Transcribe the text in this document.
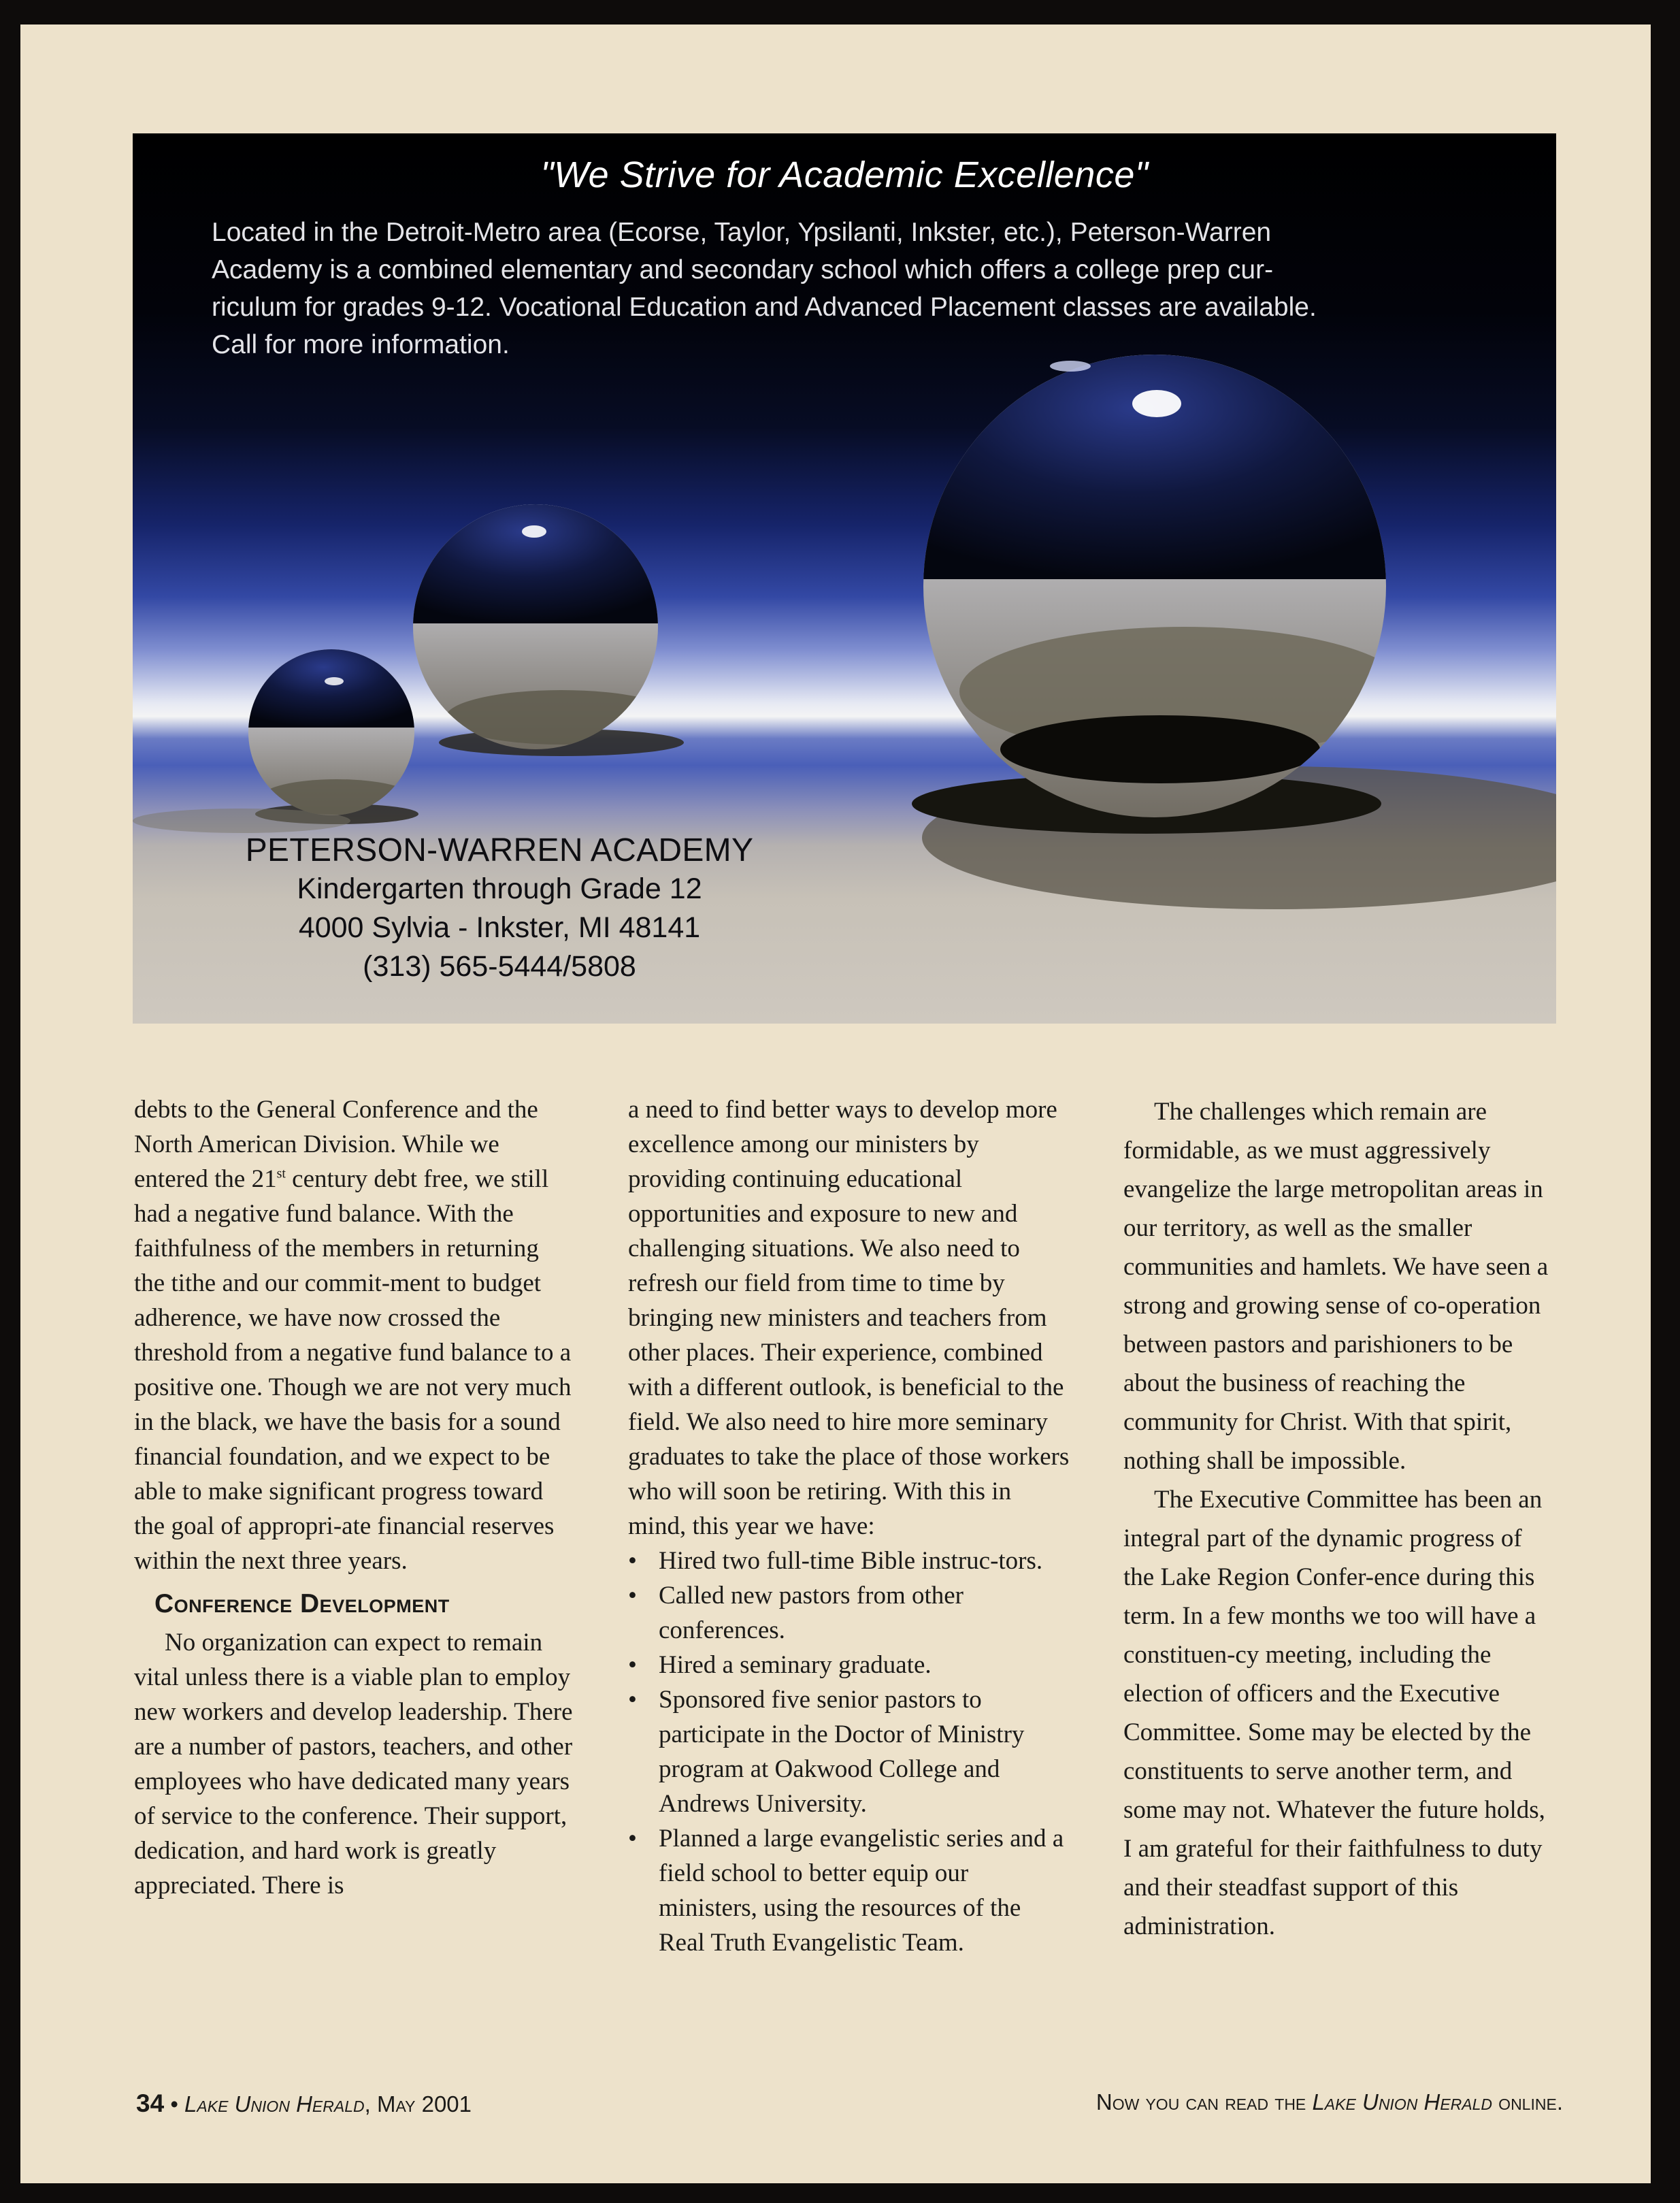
"We Strive for Academic Excellence"

Located in the Detroit-Metro area (Ecorse, Taylor, Ypsilanti, Inkster, etc.), Peterson-Warren
Academy is a combined elementary and secondary school which offers a college prep cur-
riculum for grades 9-12. Vocational Education and Advanced Placement classes are available.
Call for more information.
PETERSON-WARREN ACADEMY
Kindergarten through Grade 12
4000 Sylvia - Inkster, MI 48141
(313) 565-5444/5808

debts to the General Conference and the North American Division. While we entered the 21st century debt free, we still had a negative fund balance. With the faithfulness of the members in returning the tithe and our commit-ment to budget adherence, we have now crossed the threshold from a negative fund balance to a positive one. Though we are not very much in the black, we have the basis for a sound financial foundation, and we expect to be able to make significant progress toward the goal of appropri-ate financial reserves within the next three years.

Conference Development

No organization can expect to remain vital unless there is a viable plan to employ new workers and develop leadership. There are a number of pastors, teachers, and other employees who have dedicated many years of service to the conference. Their support, dedication, and hard work is greatly appreciated. There is

a need to find better ways to develop more excellence among our ministers by providing continuing educational opportunities and exposure to new and challenging situations. We also need to refresh our field from time to time by bringing new ministers and teachers from other places. Their experience, combined with a different outlook, is beneficial to the field. We also need to hire more seminary graduates to take the place of those workers who will soon be retiring. With this in mind, this year we have:

• Hired two full-time Bible instruc-tors.
• Called new pastors from other conferences.
• Hired a seminary graduate.
• Sponsored five senior pastors to participate in the Doctor of Ministry program at Oakwood College and Andrews University.
• Planned a large evangelistic series and a field school to better equip our ministers, using the resources of the Real Truth Evangelistic Team.

The challenges which remain are formidable, as we must aggressively evangelize the large metropolitan areas in our territory, as well as the smaller communities and hamlets. We have seen a strong and growing sense of co-operation between pastors and parishioners to be about the business of reaching the community for Christ. With that spirit, nothing shall be impossible.

The Executive Committee has been an integral part of the dynamic progress of the Lake Region Confer-ence during this term. In a few months we too will have a constituen-cy meeting, including the election of officers and the Executive Committee. Some may be elected by the constituents to serve another term, and some may not. Whatever the future holds, I am grateful for their faithfulness to duty and their steadfast support of this administration.

34 • Lake Union Herald, May 2001	Now you can read the Lake Union Herald online.
